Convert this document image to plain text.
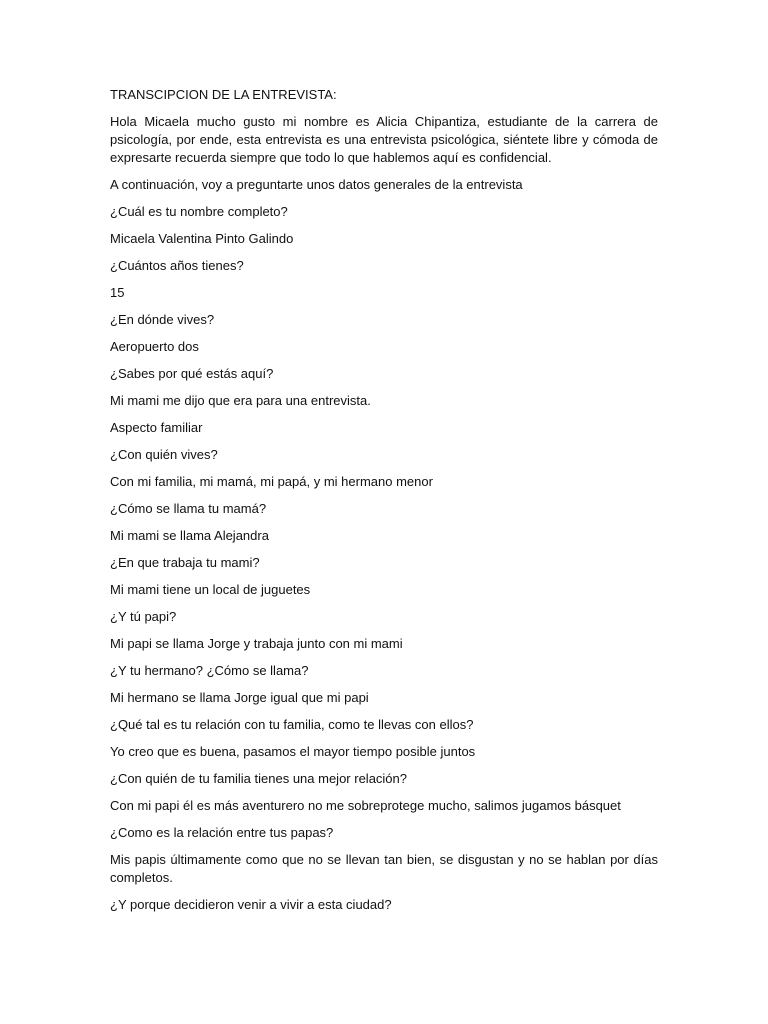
TRANSCIPCION DE LA ENTREVISTA:
Hola Micaela mucho gusto mi nombre es Alicia Chipantiza, estudiante de la carrera de psicología, por ende, esta entrevista es una entrevista psicológica, siéntete libre y cómoda de expresarte recuerda siempre que todo lo que hablemos aquí es confidencial.
A continuación, voy a preguntarte unos datos generales de la entrevista
¿Cuál es tu nombre completo?
Micaela Valentina Pinto Galindo
¿Cuántos años tienes?
15
¿En dónde vives?
Aeropuerto dos
¿Sabes por qué estás aquí?
Mi mami me dijo que era para una entrevista.
Aspecto familiar
¿Con quién vives?
Con mi familia, mi mamá, mi papá, y mi hermano menor
¿Cómo se llama tu mamá?
Mi mami se llama Alejandra
¿En que trabaja tu mami?
Mi mami tiene un local de juguetes
¿Y tú papi?
Mi papi se llama Jorge y trabaja junto con mi mami
¿Y tu hermano? ¿Cómo se llama?
Mi hermano se llama Jorge igual que mi papi
¿Qué tal es tu relación con tu familia, como te llevas con ellos?
Yo creo que es buena, pasamos el mayor tiempo posible juntos
¿Con quién de tu familia tienes una mejor relación?
Con mi papi él es más aventurero no me sobreprotege mucho, salimos jugamos básquet
¿Como es la relación entre tus papas?
Mis papis últimamente como que no se llevan tan bien, se disgustan y no se hablan por días completos.
¿Y porque decidieron venir a vivir a esta ciudad?
